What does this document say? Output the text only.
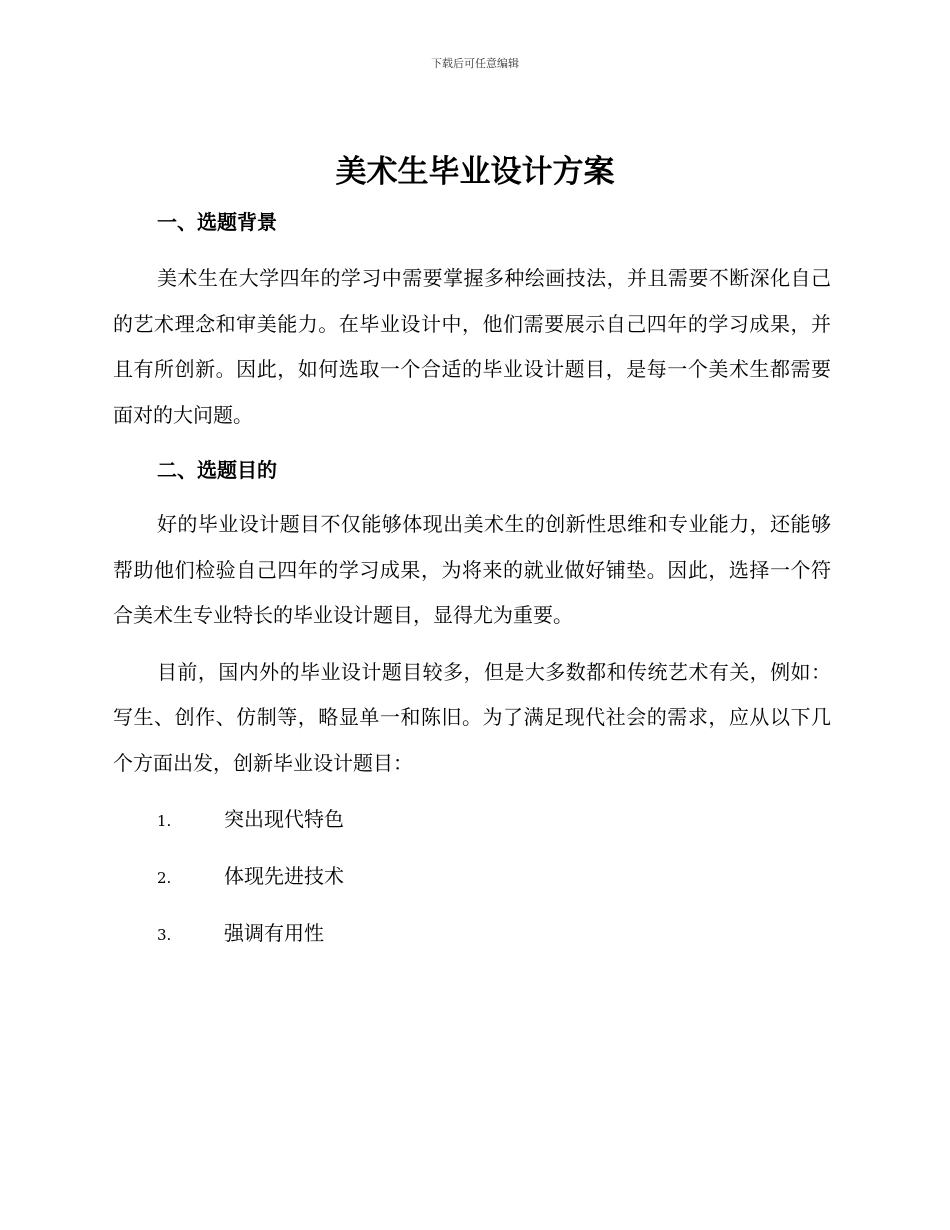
下载后可任意编辑
美术生毕业设计方案
一、选题背景

美术生在大学四年的学习中需要掌握多种绘画技法，并且需要不断深化自己的艺术理念和审美能力。在毕业设计中，他们需要展示自己四年的学习成果，并且有所创新。因此，如何选取一个合适的毕业设计题目，是每一个美术生都需要面对的大问题。

二、选题目的

好的毕业设计题目不仅能够体现出美术生的创新性思维和专业能力，还能够帮助他们检验自己四年的学习成果，为将来的就业做好铺垫。因此，选择一个符合美术生专业特长的毕业设计题目，显得尤为重要。

目前，国内外的毕业设计题目较多，但是大多数都和传统艺术有关，例如：写生、创作、仿制等，略显单一和陈旧。为了满足现代社会的需求，应从以下几个方面出发，创新毕业设计题目：

1.	突出现代特色
2.	体现先进技术
3.	强调有用性
